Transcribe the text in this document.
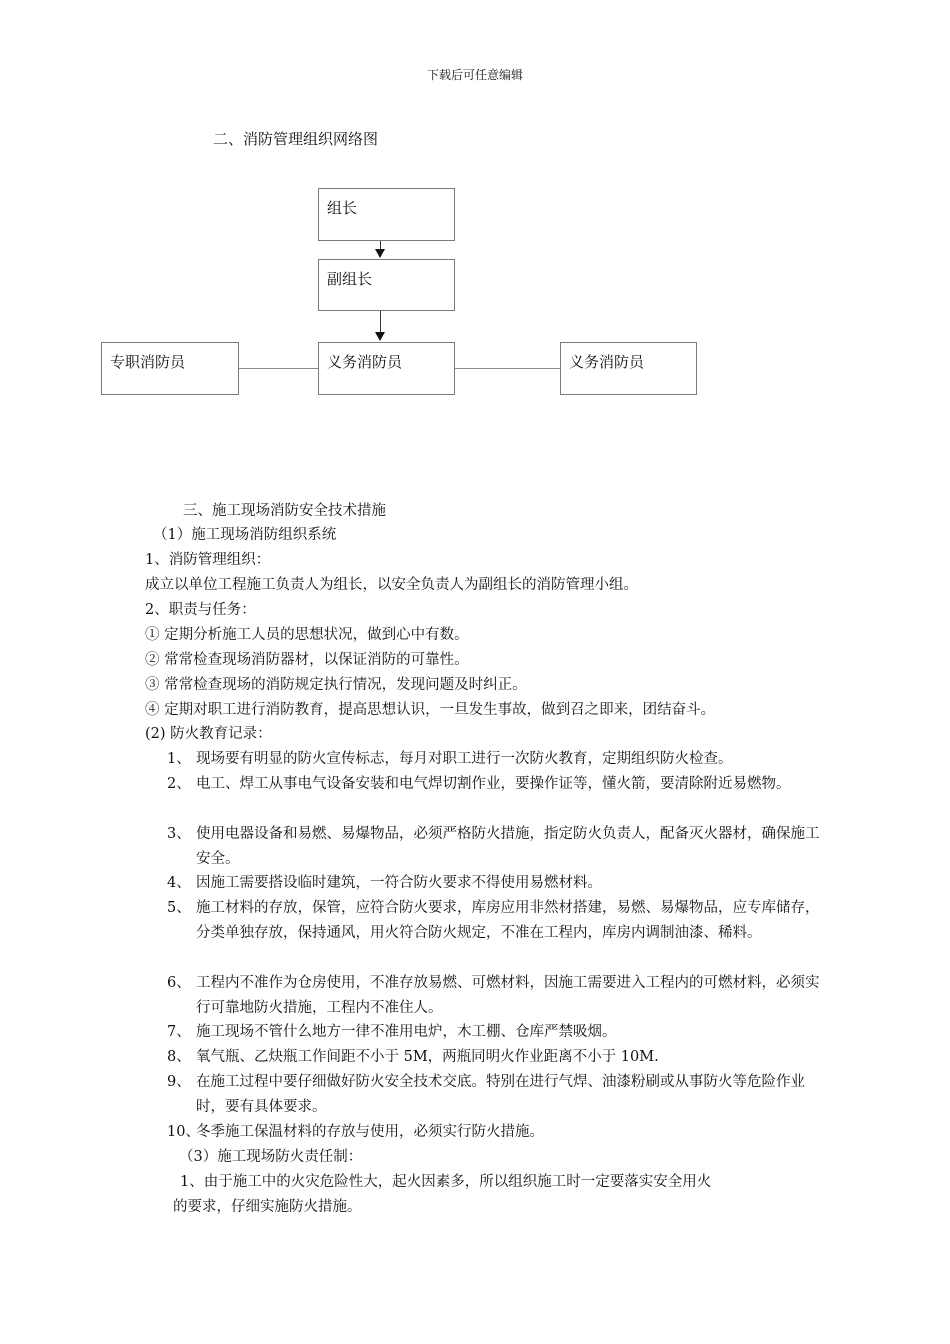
下载后可任意编辑
二、消防管理组织网络图
组长
副组长
专职消防员	义务消防员	义务消防员
三、施工现场消防安全技术措施
（1）施工现场消防组织系统
1、消防管理组织：
成立以单位工程施工负责人为组长，以安全负责人为副组长的消防管理小组。
2、职责与任务：
① 定期分析施工人员的思想状况，做到心中有数。
② 常常检查现场消防器材，以保证消防的可靠性。
③ 常常检查现场的消防规定执行情况，发现问题及时纠正。
④ 定期对职工进行消防教育，提高思想认识，一旦发生事故，做到召之即来，团结奋斗。
(2) 防火教育记录：
1、 现场要有明显的防火宣传标志，每月对职工进行一次防火教育，定期组织防火检查。
2、 电工、焊工从事电气设备安装和电气焊切割作业，要操作证等，懂火箭，要清除附近易燃物。
3、 使用电器设备和易燃、易爆物品，必须严格防火措施，指定防火负责人，配备灭火器材，确保施工安全。
4、 因施工需要搭设临时建筑，一符合防火要求不得使用易燃材料。
5、 施工材料的存放，保管，应符合防火要求，库房应用非然材搭建，易燃、易爆物品，应专库储存，分类单独存放，保持通风，用火符合防火规定，不准在工程内，库房内调制油漆、稀料。
6、 工程内不准作为仓房使用，不准存放易燃、可燃材料，因施工需要进入工程内的可燃材料，必须实行可靠地防火措施，工程内不准住人。
7、 施工现场不管什么地方一律不准用电炉，木工棚、仓库严禁吸烟。
8、 氧气瓶、乙炔瓶工作间距不小于 5M，两瓶同明火作业距离不小于 10M.
9、 在施工过程中要仔细做好防火安全技术交底。特别在进行气焊、油漆粉刷或从事防火等危险作业时，要有具体要求。
10、
冬季施工保温材料的存放与使用，必须实行防火措施。
（3）施工现场防火责任制：
1、由于施工中的火灾危险性大，起火因素多，所以组织施工时一定要落实安全用火
的要求，仔细实施防火措施。
